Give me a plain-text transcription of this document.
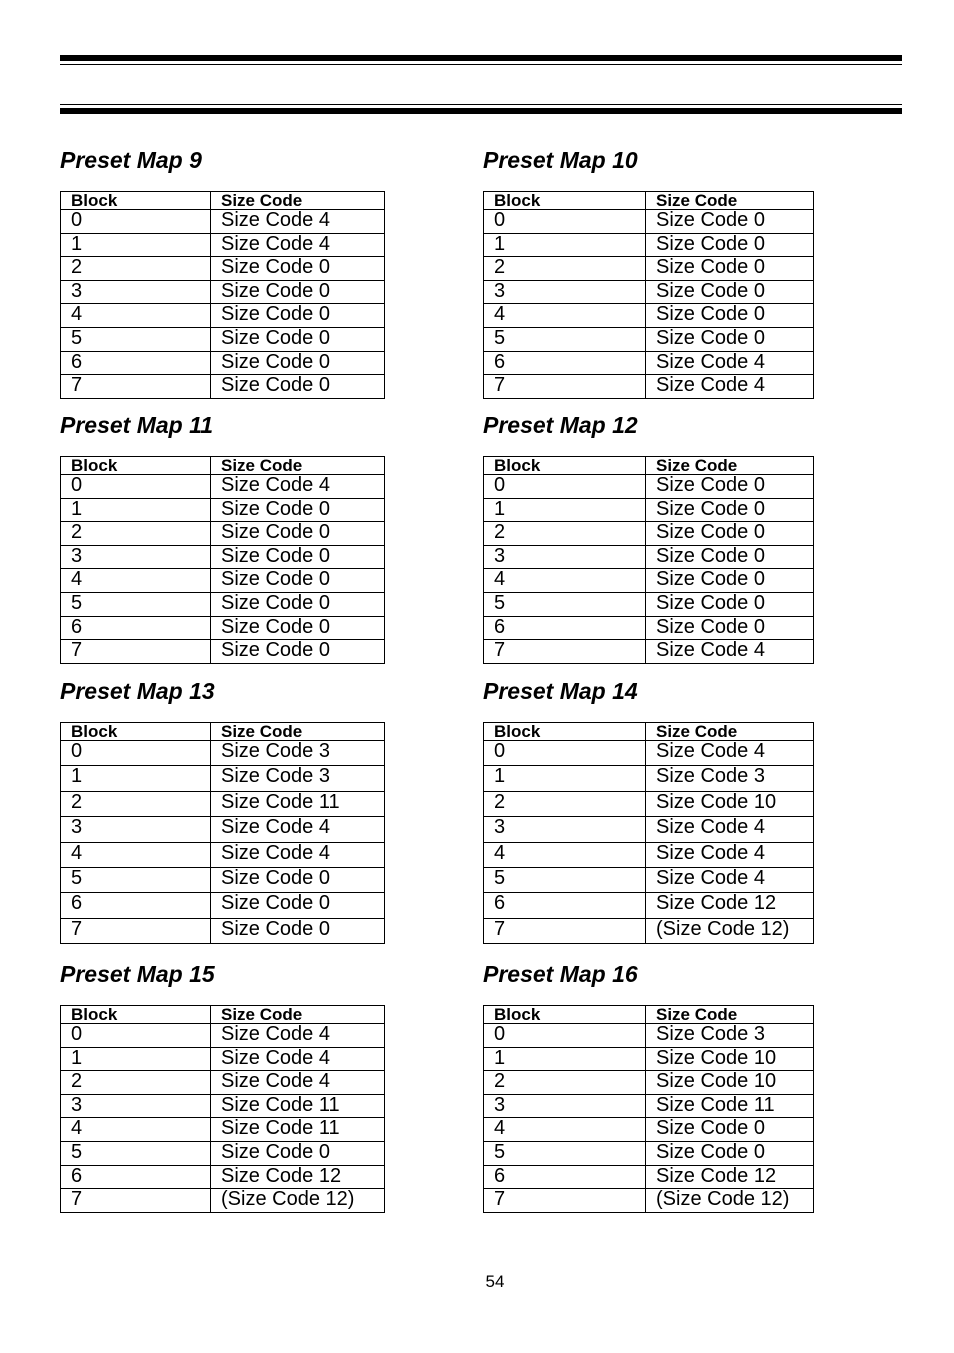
Preset Map 9
Block	Size Code
0	Size Code 4
1	Size Code 4
2	Size Code 0
3	Size Code 0
4	Size Code 0
5	Size Code 0
6	Size Code 0
7	Size Code 0
Preset Map 10
Block	Size Code
0	Size Code 0
1	Size Code 0
2	Size Code 0
3	Size Code 0
4	Size Code 0
5	Size Code 0
6	Size Code 4
7	Size Code 4
Preset Map 11
Block	Size Code
0	Size Code 4
1	Size Code 0
2	Size Code 0
3	Size Code 0
4	Size Code 0
5	Size Code 0
6	Size Code 0
7	Size Code 0
Preset Map 12
Block	Size Code
0	Size Code 0
1	Size Code 0
2	Size Code 0
3	Size Code 0
4	Size Code 0
5	Size Code 0
6	Size Code 0
7	Size Code 4
Preset Map 13
Block	Size Code
0	Size Code 3
1	Size Code 3
2	Size Code 11
3	Size Code 4
4	Size Code 4
5	Size Code 0
6	Size Code 0
7	Size Code 0
Preset Map 14
Block	Size Code
0	Size Code 4
1	Size Code 3
2	Size Code 10
3	Size Code 4
4	Size Code 4
5	Size Code 4
6	Size Code 12
7	(Size Code 12)
Preset Map 15
Block	Size Code
0	Size Code 4
1	Size Code 4
2	Size Code 4
3	Size Code 11
4	Size Code 11
5	Size Code 0
6	Size Code 12
7	(Size Code 12)
Preset Map 16
Block	Size Code
0	Size Code 3
1	Size Code 10
2	Size Code 10
3	Size Code 11
4	Size Code 0
5	Size Code 0
6	Size Code 12
7	(Size Code 12)
54
